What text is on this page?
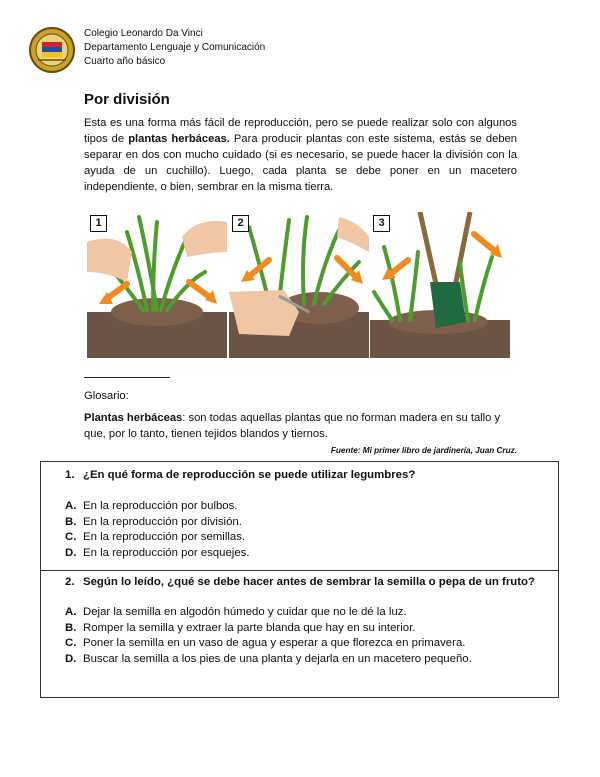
Colegio Leonardo Da Vinci
Departamento Lenguaje y Comunicación
Cuarto año básico
Por división
Esta es una forma más fácil de reproducción, pero se puede realizar solo con algunos tipos de plantas herbáceas. Para producir plantas con este sistema, estás se deben separar en dos con mucho cuidado (si es necesario, se puede hacer la división con la ayuda de un cuchillo). Luego, cada planta se debe poner en un macetero independiente, o bien, sembrar en la misma tierra.
1	2	3
Glosario:
Plantas herbáceas: son todas aquellas plantas que no forman madera en su tallo y que, por lo tanto, tienen tejidos blandos y tiernos.
Fuente: Mi primer libro de jardinería, Juan Cruz.
1. ¿En qué forma de reproducción se puede utilizar legumbres?
A. En la reproducción por bulbos.
B. En la reproducción por división.
C. En la reproducción por semillas.
D. En la reproducción por esquejes.
2. Según lo leído, ¿qué se debe hacer antes de sembrar la semilla o pepa de un fruto?
A. Dejar la semilla en algodón húmedo y cuidar que no le dé la luz.
B. Romper la semilla y extraer la parte blanda que hay en su interior.
C. Poner la semilla en un vaso de agua y esperar a que florezca en primavera.
D. Buscar la semilla a los pies de una planta y dejarla en un macetero pequeño.
